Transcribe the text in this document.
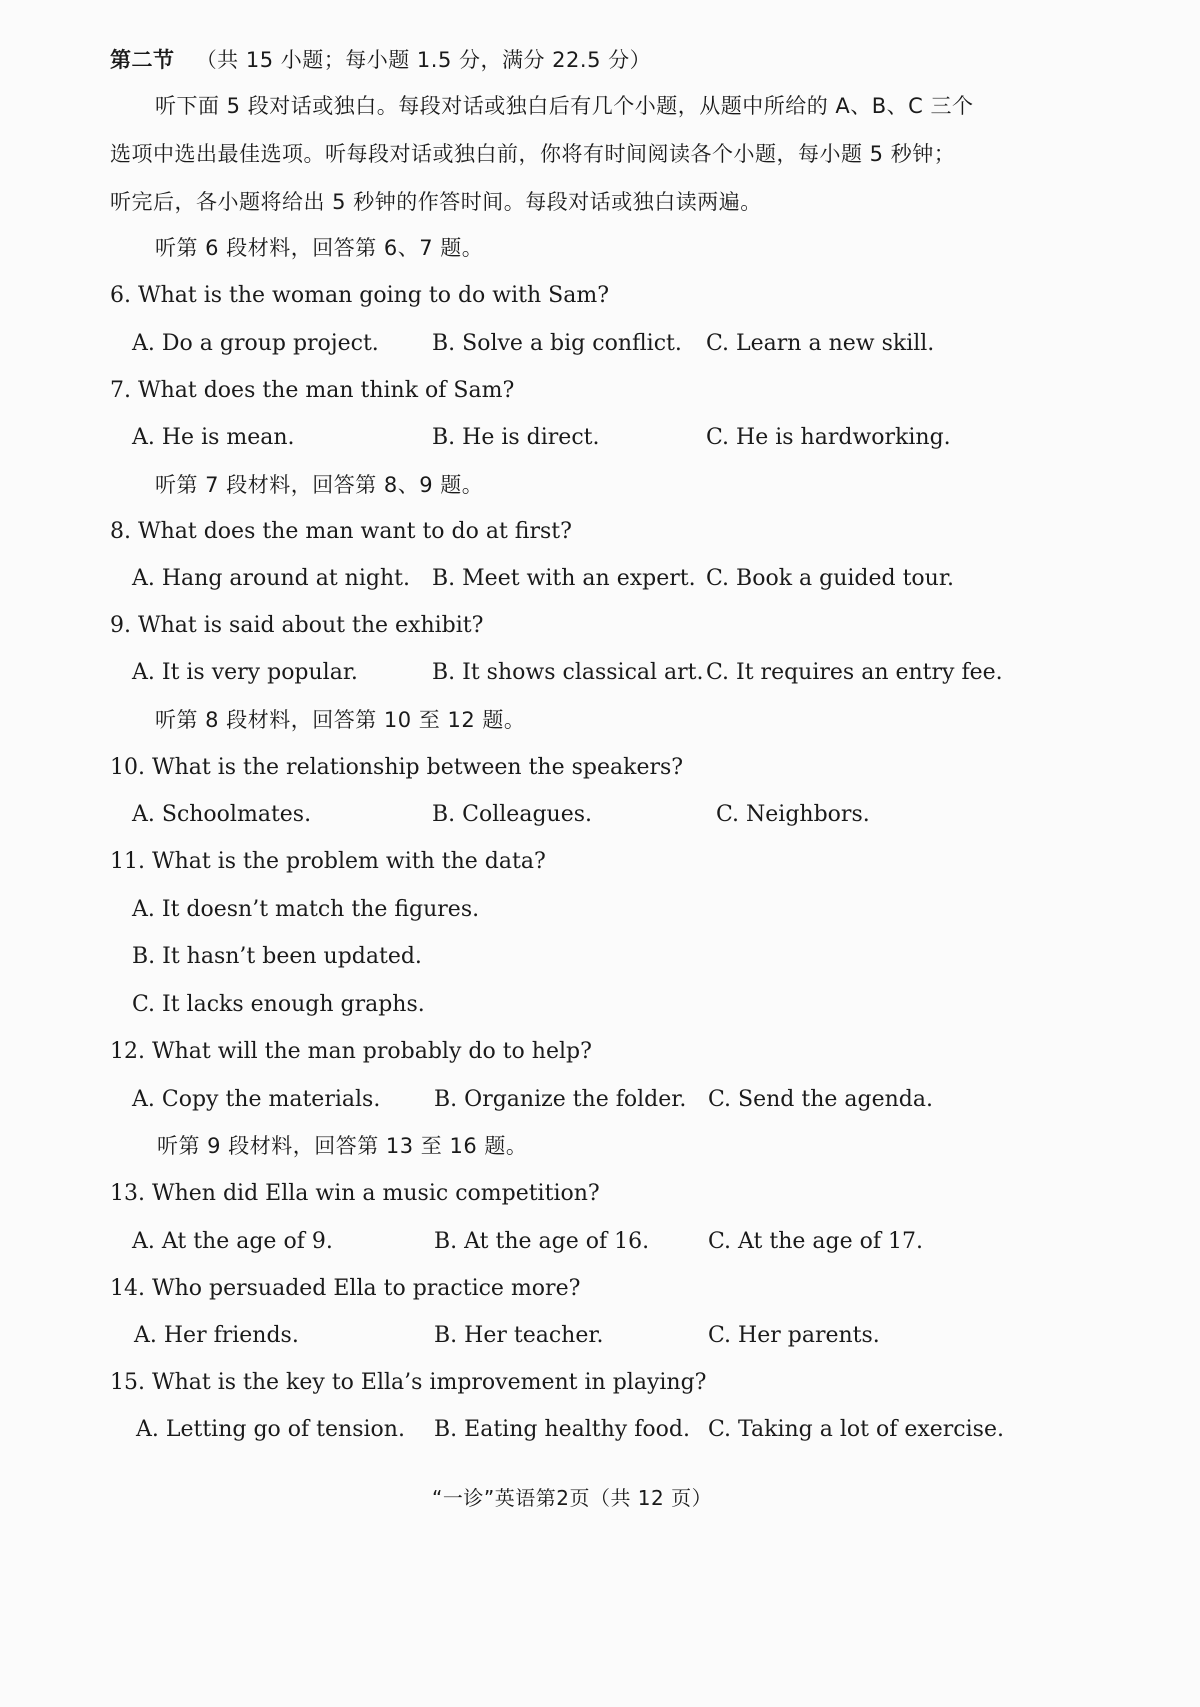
第二节 （共 15 小题；每小题 1.5 分，满分 22.5 分）
听下面 5 段对话或独白。每段对话或独白后有几个小题，从题中所给的 A、B、C 三个
选项中选出最佳选项。听每段对话或独白前，你将有时间阅读各个小题，每小题 5 秒钟；
听完后，各小题将给出 5 秒钟的作答时间。每段对话或独白读两遍。
听第 6 段材料，回答第 6、7 题。
6. What is the woman going to do with Sam?
A. Do a group project. B. Solve a big conflict. C. Learn a new skill.
7. What does the man think of Sam?
A. He is mean.	B. He is direct.	C. He is hardworking.
听第 7 段材料，回答第 8、9 题。
8. What does the man want to do at first?
A. Hang around at night. B. Meet with an expert. C. Book a guided tour.
9. What is said about the exhibit?
A. It is very popular.	B. It shows classical art. C. It requires an entry fee.
听第 8 段材料，回答第 10 至 12 题。
10. What is the relationship between the speakers?
A. Schoolmates.	B. Colleagues.	C. Neighbors.
11. What is the problem with the data?
A. It doesn’t match the figures.
B. It hasn’t been updated.
C. It lacks enough graphs.
12. What will the man probably do to help?
A. Copy the materials. B. Organize the folder. C. Send the agenda.
听第 9 段材料，回答第 13 至 16 题。
13. When did Ella win a music competition?
A. At the age of 9.	B. At the age of 16.	C. At the age of 17.
14. Who persuaded Ella to practice more?
A. Her friends.	B. Her teacher.	C. Her parents.
15. What is the key to Ella’s improvement in playing?
A. Letting go of tension. B. Eating healthy food. C. Taking a lot of exercise.
“一诊”英语第2页（共 12 页）
